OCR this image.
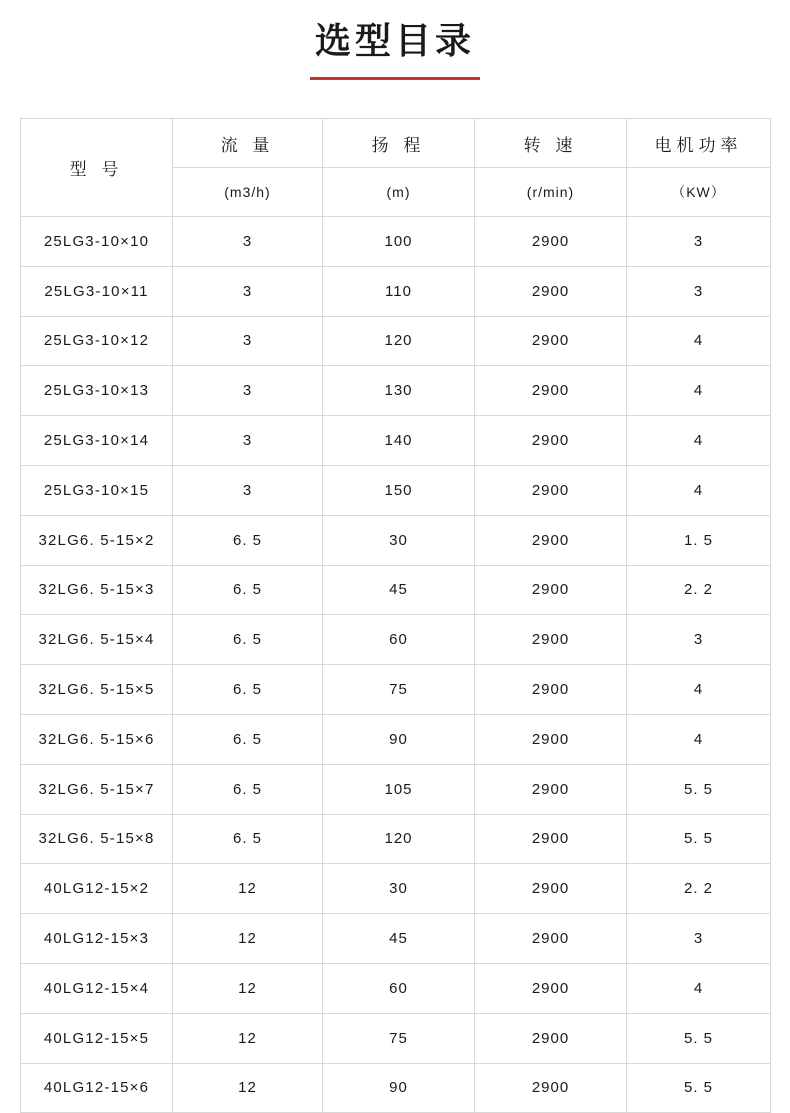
选型目录
型 号	流 量	扬 程	转 速	电机功率
	(m3/h)	(m)	(r/min)	（KW）
25LG3-10×10	3	100	2900	3
25LG3-10×11	3	110	2900	3
25LG3-10×12	3	120	2900	4
25LG3-10×13	3	130	2900	4
25LG3-10×14	3	140	2900	4
25LG3-10×15	3	150	2900	4
32LG6. 5-15×2	6. 5	30	2900	1. 5
32LG6. 5-15×3	6. 5	45	2900	2. 2
32LG6. 5-15×4	6. 5	60	2900	3
32LG6. 5-15×5	6. 5	75	2900	4
32LG6. 5-15×6	6. 5	90	2900	4
32LG6. 5-15×7	6. 5	105	2900	5. 5
32LG6. 5-15×8	6. 5	120	2900	5. 5
40LG12-15×2	12	30	2900	2. 2
40LG12-15×3	12	45	2900	3
40LG12-15×4	12	60	2900	4
40LG12-15×5	12	75	2900	5. 5
40LG12-15×6	12	90	2900	5. 5
